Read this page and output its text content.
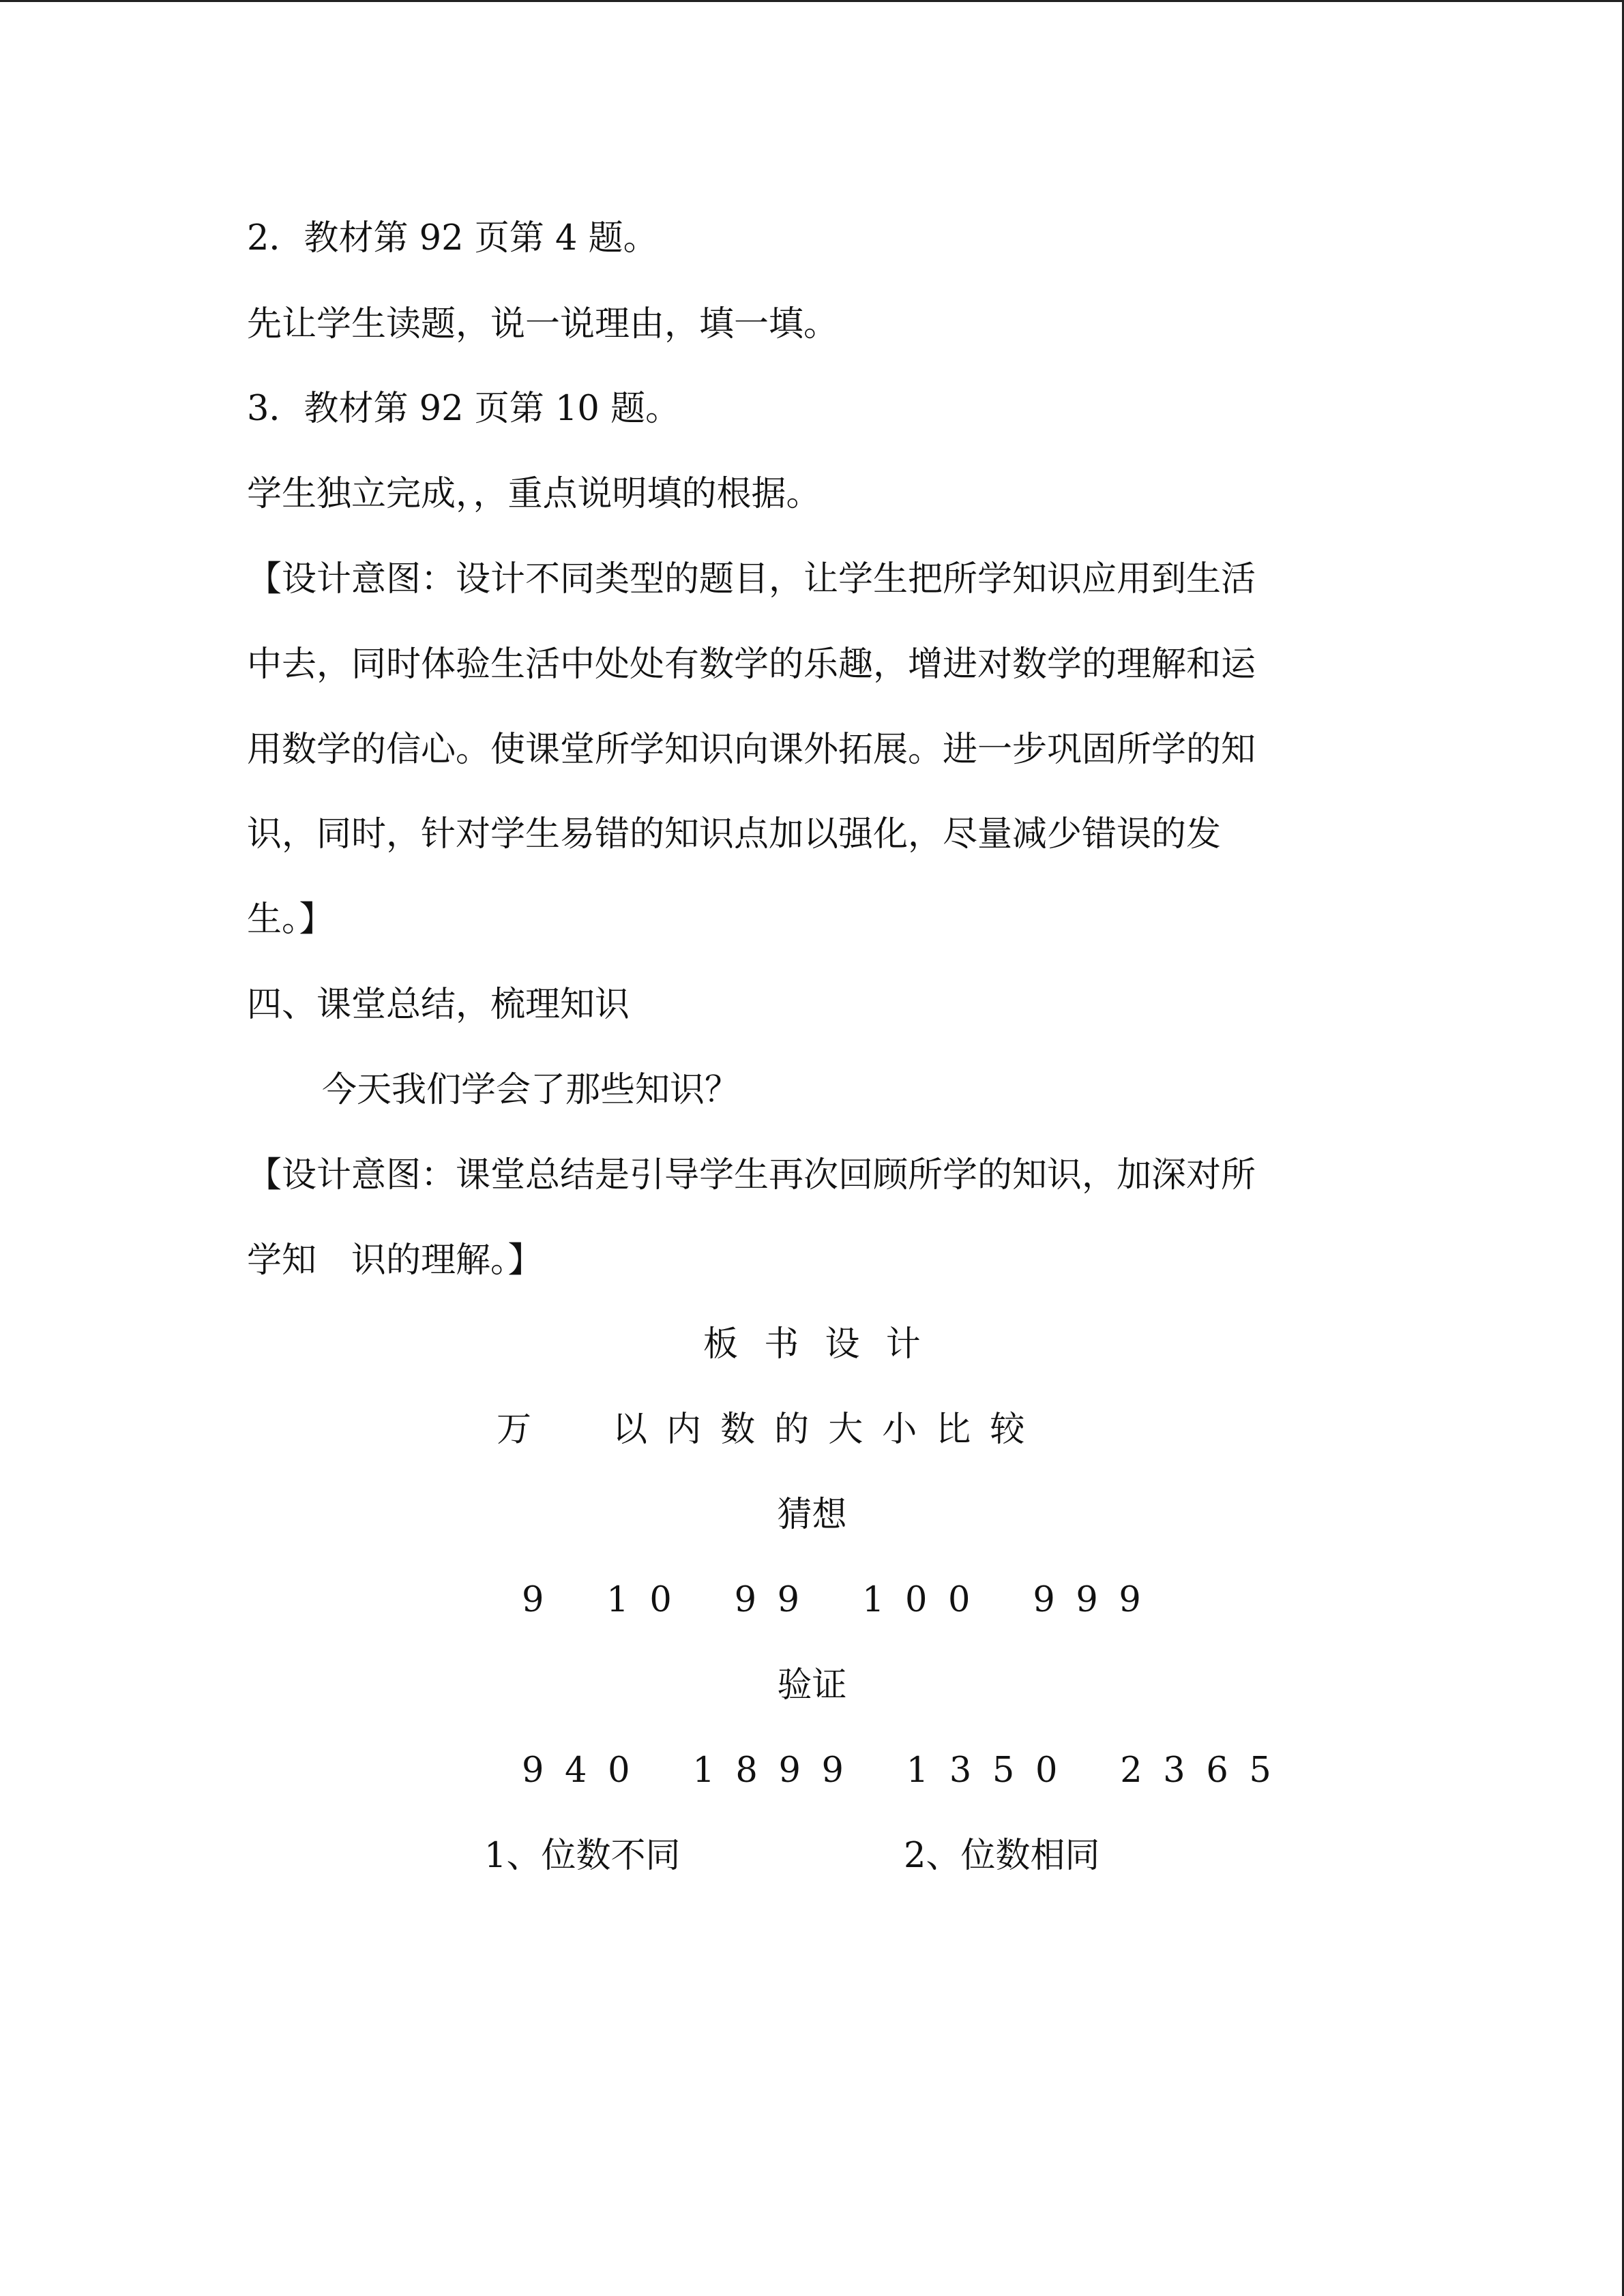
2．教材第 92 页第 4 题。
先让学生读题，说一说理由，填一填。
3．教材第 92 页第 10 题。
学生独立完成，，重点说明填的根据。
【设计意图：设计不同类型的题目，让学生把所学知识应用到生活
中去，同时体验生活中处处有数学的乐趣，增进对数学的理解和运
用数学的信心。使课堂所学知识向课外拓展。进一步巩固所学的知
识，同时，针对学生易错的知识点加以强化，尽量减少错误的发
生。】
四、课堂总结，梳理知识
今天我们学会了那些知识？
【设计意图：课堂总结是引导学生再次回顾所学的知识，加深对所
学知　识的理解。】
板书设计
万 以内数的大小比较
猜想
9 10 99 100 999
验证
940 1899 1350 2365
1、位数不同	2、位数相同
